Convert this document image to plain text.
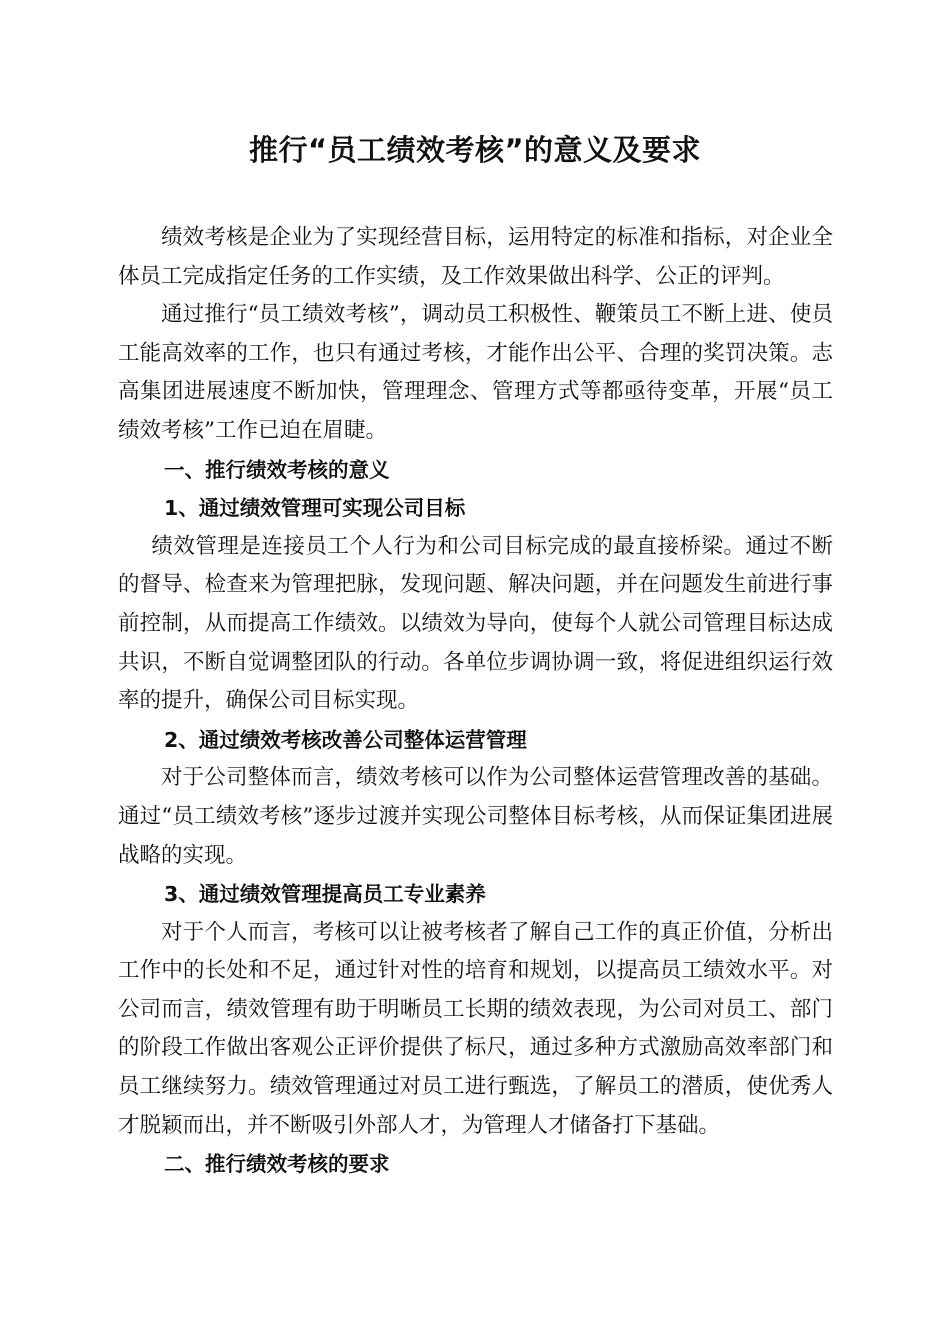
推行“员工绩效考核”的意义及要求

绩效考核是企业为了实现经营目标，运用特定的标准和指标，对企业全体员工完成指定任务的工作实绩，及工作效果做出科学、公正的评判。

通过推行“员工绩效考核”，调动员工积极性、鞭策员工不断上进、使员工能高效率的工作，也只有通过考核，才能作出公平、合理的奖罚决策。志高集团进展速度不断加快，管理理念、管理方式等都亟待变革，开展“员工绩效考核”工作已迫在眉睫。

一、推行绩效考核的意义

1、通过绩效管理可实现公司目标

绩效管理是连接员工个人行为和公司目标完成的最直接桥梁。通过不断的督导、检查来为管理把脉，发现问题、解决问题，并在问题发生前进行事前控制，从而提高工作绩效。以绩效为导向，使每个人就公司管理目标达成共识，不断自觉调整团队的行动。各单位步调协调一致，将促进组织运行效率的提升，确保公司目标实现。

2、通过绩效考核改善公司整体运营管理

对于公司整体而言，绩效考核可以作为公司整体运营管理改善的基础。通过“员工绩效考核”逐步过渡并实现公司整体目标考核，从而保证集团进展战略的实现。

3、通过绩效管理提高员工专业素养

对于个人而言，考核可以让被考核者了解自己工作的真正价值，分析出工作中的长处和不足，通过针对性的培育和规划，以提高员工绩效水平。对公司而言，绩效管理有助于明晰员工长期的绩效表现，为公司对员工、部门的阶段工作做出客观公正评价提供了标尺，通过多种方式激励高效率部门和员工继续努力。绩效管理通过对员工进行甄选，了解员工的潜质，使优秀人才脱颖而出，并不断吸引外部人才，为管理人才储备打下基础。

二、推行绩效考核的要求
